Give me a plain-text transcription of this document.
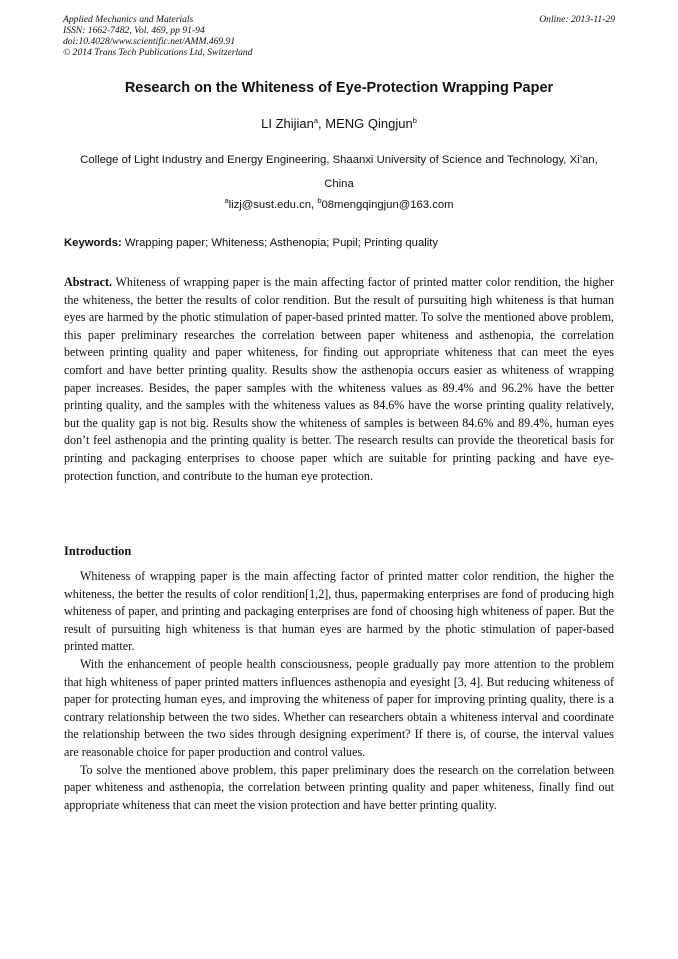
Applied Mechanics and Materials
ISSN: 1662-7482, Vol. 469, pp 91-94
doi:10.4028/www.scientific.net/AMM.469.91
© 2014 Trans Tech Publications Ltd, Switzerland
Online: 2013-11-29
Research on the Whiteness of Eye-Protection Wrapping Paper
LI Zhijian$^a$, MENG Qingjun$^b$
College of Light Industry and Energy Engineering, Shaanxi University of Science and Technology, Xi’an, China
$^a$lizj@sust.edu.cn, $^b$08mengqingjun@163.com
Keywords: Wrapping paper; Whiteness; Asthenopia; Pupil; Printing quality
Abstract. Whiteness of wrapping paper is the main affecting factor of printed matter color rendition, the higher the whiteness, the better the results of color rendition. But the result of pursuiting high whiteness is that human eyes are harmed by the photic stimulation of paper-based printed matter. To solve the mentioned above problem, this paper preliminary researches the correlation between paper whiteness and asthenopia, the correlation between printing quality and paper whiteness, for finding out appropriate whiteness that can meet the eyes comfort and have better printing quality. Results show the asthenopia occurs easier as whiteness of wrapping paper increases. Besides, the paper samples with the whiteness values as 89.4% and 96.2% have the better printing quality, and the samples with the whiteness values as 84.6% have the worse printing quality relatively, but the quality gap is not big. Results show the whiteness of samples is between 84.6% and 89.4%, human eyes don’t feel asthenopia and the printing quality is better. The research results can provide the theoretical basis for printing and packaging enterprises to choose paper which are suitable for printing packing and have eye-protection function, and contribute to the human eye protection.
Introduction

Whiteness of wrapping paper is the main affecting factor of printed matter color rendition, the higher the whiteness, the better the results of color rendition[1,2], thus, papermaking enterprises are fond of producing high whiteness of paper, and printing and packaging enterprises are fond of choosing high whiteness of paper. But the result of pursuiting high whiteness is that human eyes are harmed by the photic stimulation of paper-based printed matter.

With the enhancement of people health consciousness, people gradually pay more attention to the problem that high whiteness of paper printed matters influences asthenopia and eyesight [3, 4]. But reducing whiteness of paper for protecting human eyes, and improving the whiteness of paper for improving printing quality, there is a contrary relationship between the two sides. Whether can researchers obtain a whiteness interval and coordinate the relationship between the two sides through designing experiment? If there is, of course, the interval values are reasonable choice for paper production and control values.

To solve the mentioned above problem, this paper preliminary does the research on the correlation between paper whiteness and asthenopia, the correlation between printing quality and paper whiteness, finally find out appropriate whiteness that can meet the vision protection and have better printing quality.
